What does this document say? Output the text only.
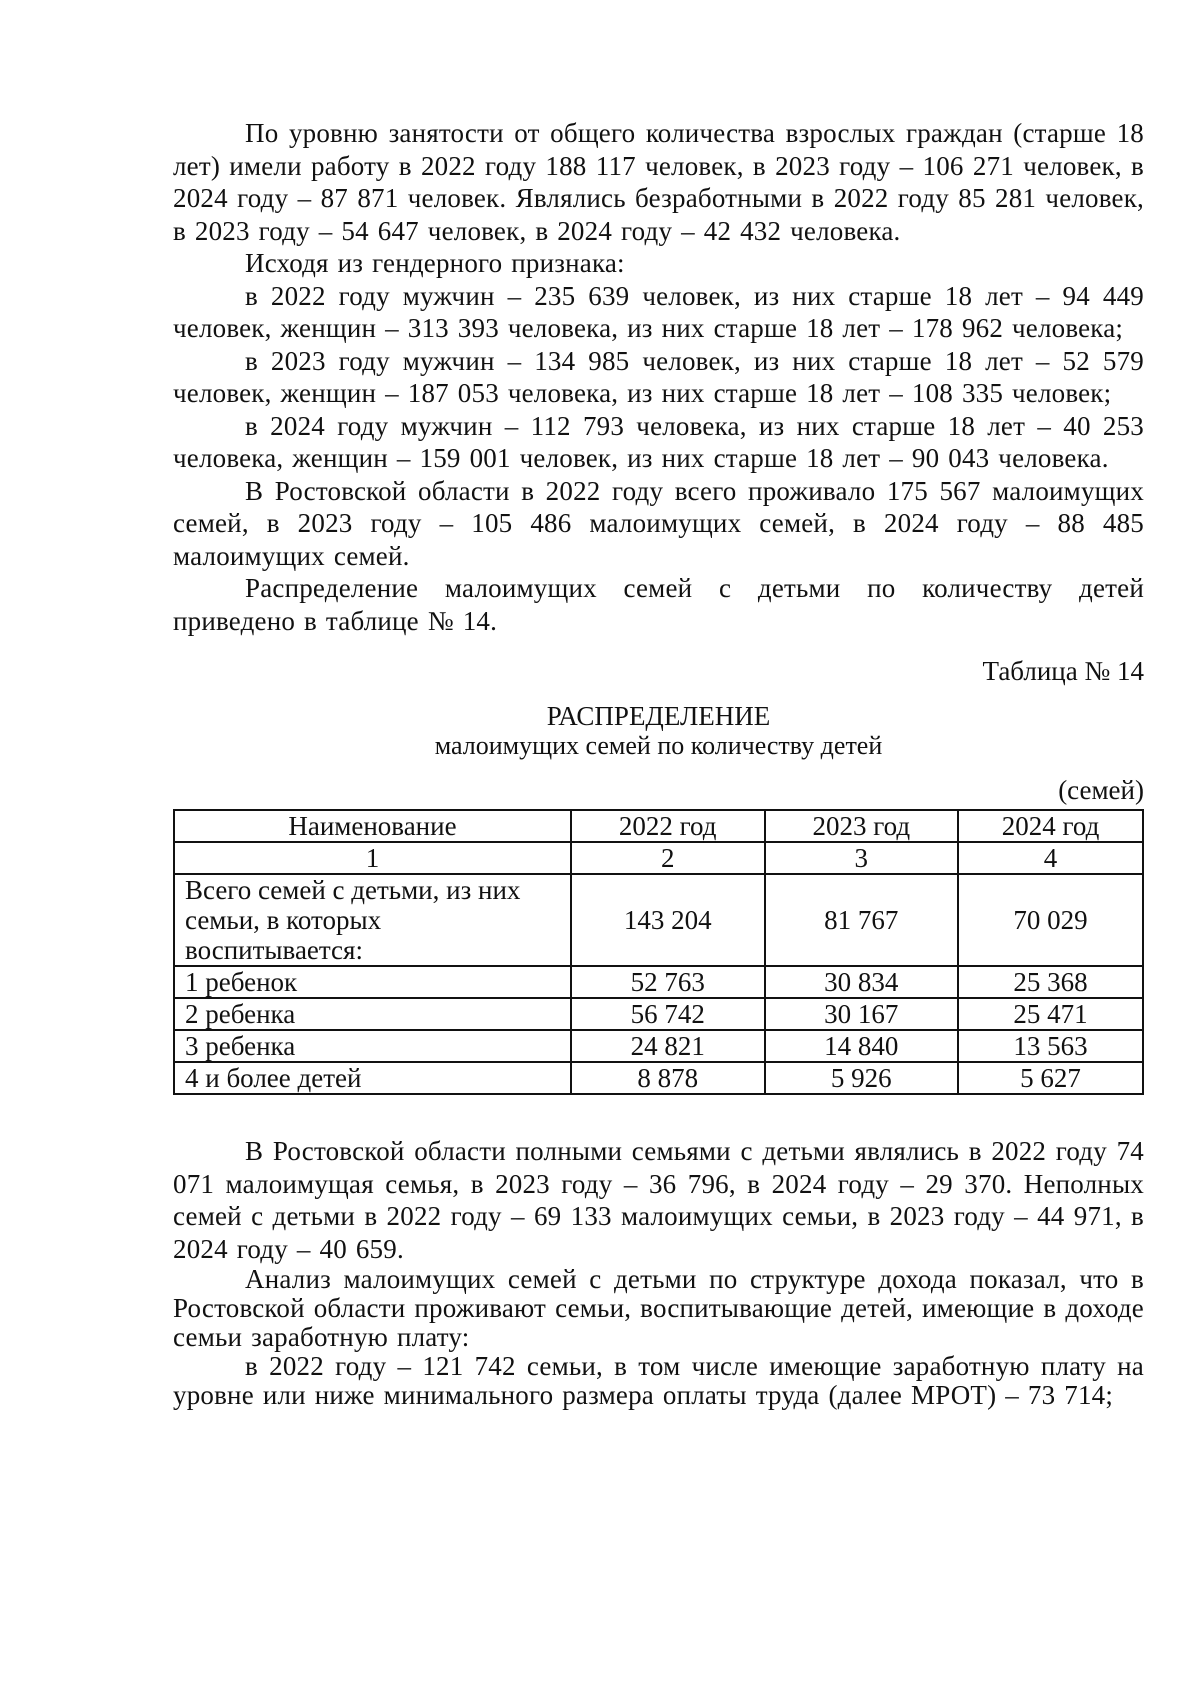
По уровню занятости от общего количества взрослых граждан (старше 18 лет) имели работу в 2022 году 188 117 человек, в 2023 году – 106 271 человек, в 2024 году – 87 871 человек. Являлись безработными в 2022 году 85 281 человек, в 2023 году – 54 647 человек, в 2024 году – 42 432 человека.

Исходя из гендерного признака:

в 2022 году мужчин – 235 639 человек, из них старше 18 лет – 94 449 человек, женщин – 313 393 человека, из них старше 18 лет – 178 962 человека;

в 2023 году мужчин – 134 985 человек, из них старше 18 лет – 52 579 человек, женщин – 187 053 человека, из них старше 18 лет – 108 335 человек;

в 2024 году мужчин – 112 793 человека, из них старше 18 лет – 40 253 человека, женщин – 159 001 человек, из них старше 18 лет – 90 043 человека.

В Ростовской области в 2022 году всего проживало 175 567 малоимущих семей, в 2023 году – 105 486 малоимущих семей, в 2024 году – 88 485 малоимущих семей.

Распределение малоимущих семей с детьми по количеству детей приведено в таблице № 14.

Таблица № 14
РАСПРЕДЕЛЕНИЕ
малоимущих семей по количеству детей
(семей)
Наименование	2022 год	2023 год	2024 год
1	2	3	4
Всего семей с детьми, из них семьи, в которых воспитывается:	143 204	81 767	70 029
1 ребенок	52 763	30 834	25 368
2 ребенка	56 742	30 167	25 471
3 ребенка	24 821	14 840	13 563
4 и более детей	8 878	5 926	5 627

В Ростовской области полными семьями с детьми являлись в 2022 году 74 071 малоимущая семья, в 2023 году – 36 796, в 2024 году – 29 370. Неполных семей с детьми в 2022 году – 69 133 малоимущих семьи, в 2023 году – 44 971, в 2024 году – 40 659.

Анализ малоимущих семей с детьми по структуре дохода показал, что в Ростовской области проживают семьи, воспитывающие детей, имеющие в доходе семьи заработную плату:

в 2022 году – 121 742 семьи, в том числе имеющие заработную плату на уровне или ниже минимального размера оплаты труда (далее МРОТ) – 73 714;
